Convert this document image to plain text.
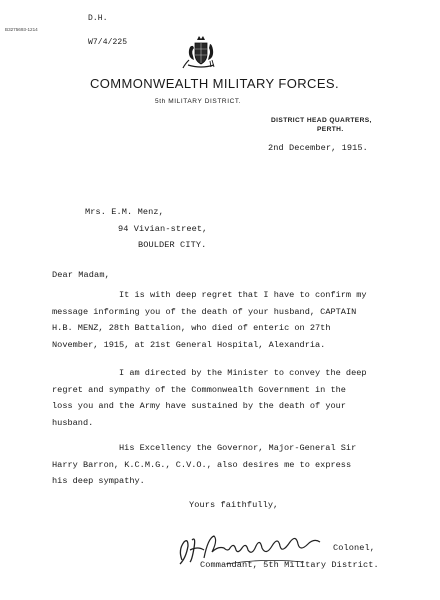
D.H.
B3275693-1214
W7/4/225
COMMONWEALTH MILITARY FORCES.
5th MILITARY DISTRICT.
DISTRICT HEAD QUARTERS,
PERTH.
2nd December, 1915.
Mrs. E.M. Menz,
94 Vivian-street,
BOULDER CITY.
Dear Madam,
It is with deep regret that I have to confirm my
message informing you of the death of your husband, CAPTAIN
H.B. MENZ, 28th Battalion, who died of enteric on 27th
November, 1915, at 21st General Hospital, Alexandria.
I am directed by the Minister to convey the deep
regret and sympathy of the Commonwealth Government in the
loss you and the Army have sustained by the death of your
husband.
His Excellency the Governor, Major-General Sir
Harry Barron, K.C.M.G., C.V.O., also desires me to express
his deep sympathy.
Yours faithfully,
Colonel,
Commandant, 5th Military District.
